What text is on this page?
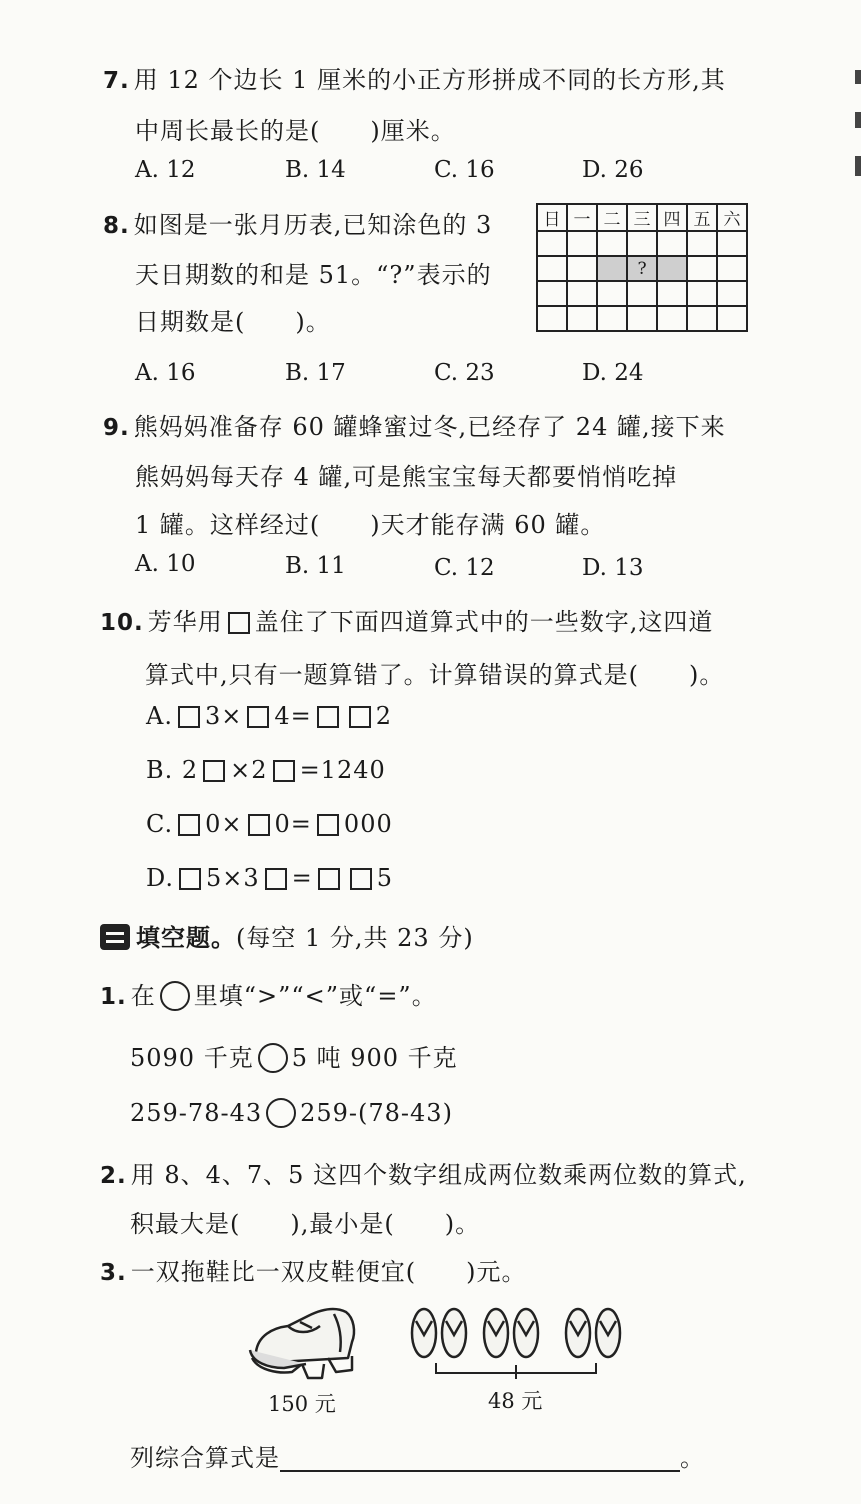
7. 用 12 个边长 1 厘米的小正方形拼成不同的长方形,其
中周长最长的是(　　)厘米。
A. 12	B. 14	C. 16	D. 26
8. 如图是一张月历表,已知涂色的 3
天日期数的和是 51。“?”表示的
日期数是(　　)。
日	一	二	三	四	五	六

			?			

A. 16	B. 17	C. 23	D. 24
9. 熊妈妈准备存 60 罐蜂蜜过冬,已经存了 24 罐,接下来
熊妈妈每天存 4 罐,可是熊宝宝每天都要悄悄吃掉
1 罐。这样经过(　　)天才能存满 60 罐。
A. 10	B. 11	C. 12	D. 13
10. 芳华用 盖住了下面四道算式中的一些数字,这四道
算式中,只有一题算错了。计算错误的算式是(　　)。
A. 3× 4=	2
B. 2 ×2 =1240
C. 0× 0= 000
D. 5×3 =	5
填空题。(每空 1 分,共 23 分)
1. 在 里填“>”“<”或“=”。
5090 千克 5 吨 900 千克
259-78-43 259-(78-43)
2. 用 8、4、7、5 这四个数字组成两位数乘两位数的算式,
积最大是(　　),最小是(　　)。
3. 一双拖鞋比一双皮鞋便宜(　　)元。
150 元	48 元
列综合算式是	。
